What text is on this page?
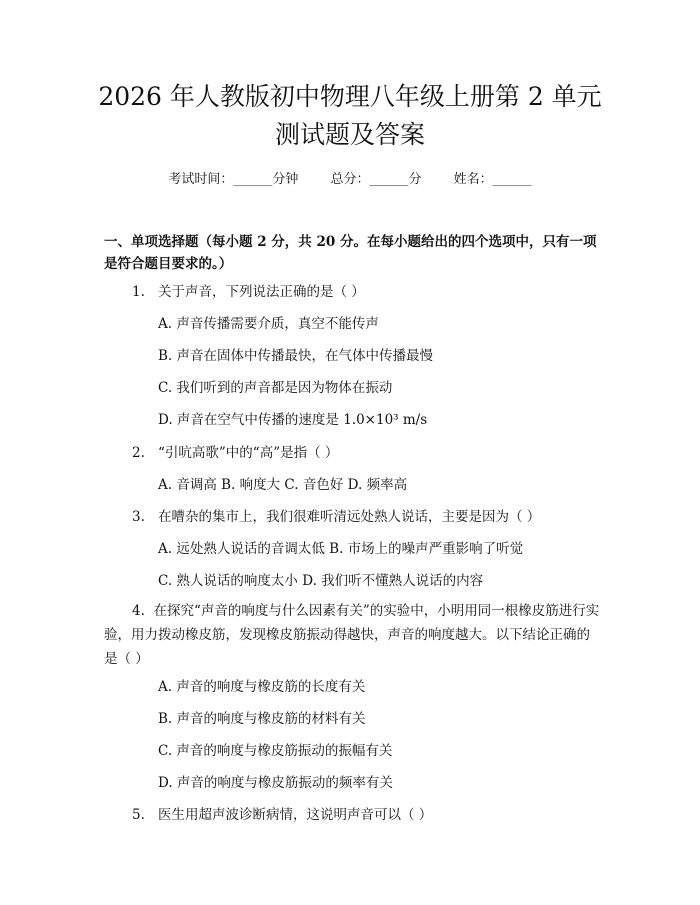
2026 年人教版初中物理八年级上册第 2 单元
测试题及答案
考试时间：______分钟 总分：______分 姓名：______
一、单项选择题（每小题 2 分，共 20 分。在每小题给出的四个选项中，只有一项是符合题目要求的。）
1. 关于声音，下列说法正确的是（ ）
A. 声音传播需要介质，真空不能传声
B. 声音在固体中传播最快，在气体中传播最慢
C. 我们听到的声音都是因为物体在振动
D. 声音在空气中传播的速度是 1.0×10³ m/s
2. “引吭高歌”中的“高”是指（ ）
A. 音调高 B. 响度大 C. 音色好 D. 频率高
3. 在嘈杂的集市上，我们很难听清远处熟人说话，主要是因为（ ）
A. 远处熟人说话的音调太低 B. 市场上的噪声严重影响了听觉
C. 熟人说话的响度太小 D. 我们听不懂熟人说话的内容
4. 在探究“声音的响度与什么因素有关”的实验中，小明用同一根橡皮筋进行实验，用力拨动橡皮筋，发现橡皮筋振动得越快，声音的响度越大。以下结论正确的是（ ）
A. 声音的响度与橡皮筋的长度有关
B. 声音的响度与橡皮筋的材料有关
C. 声音的响度与橡皮筋振动的振幅有关
D. 声音的响度与橡皮筋振动的频率有关
5. 医生用超声波诊断病情，这说明声音可以（ ）
